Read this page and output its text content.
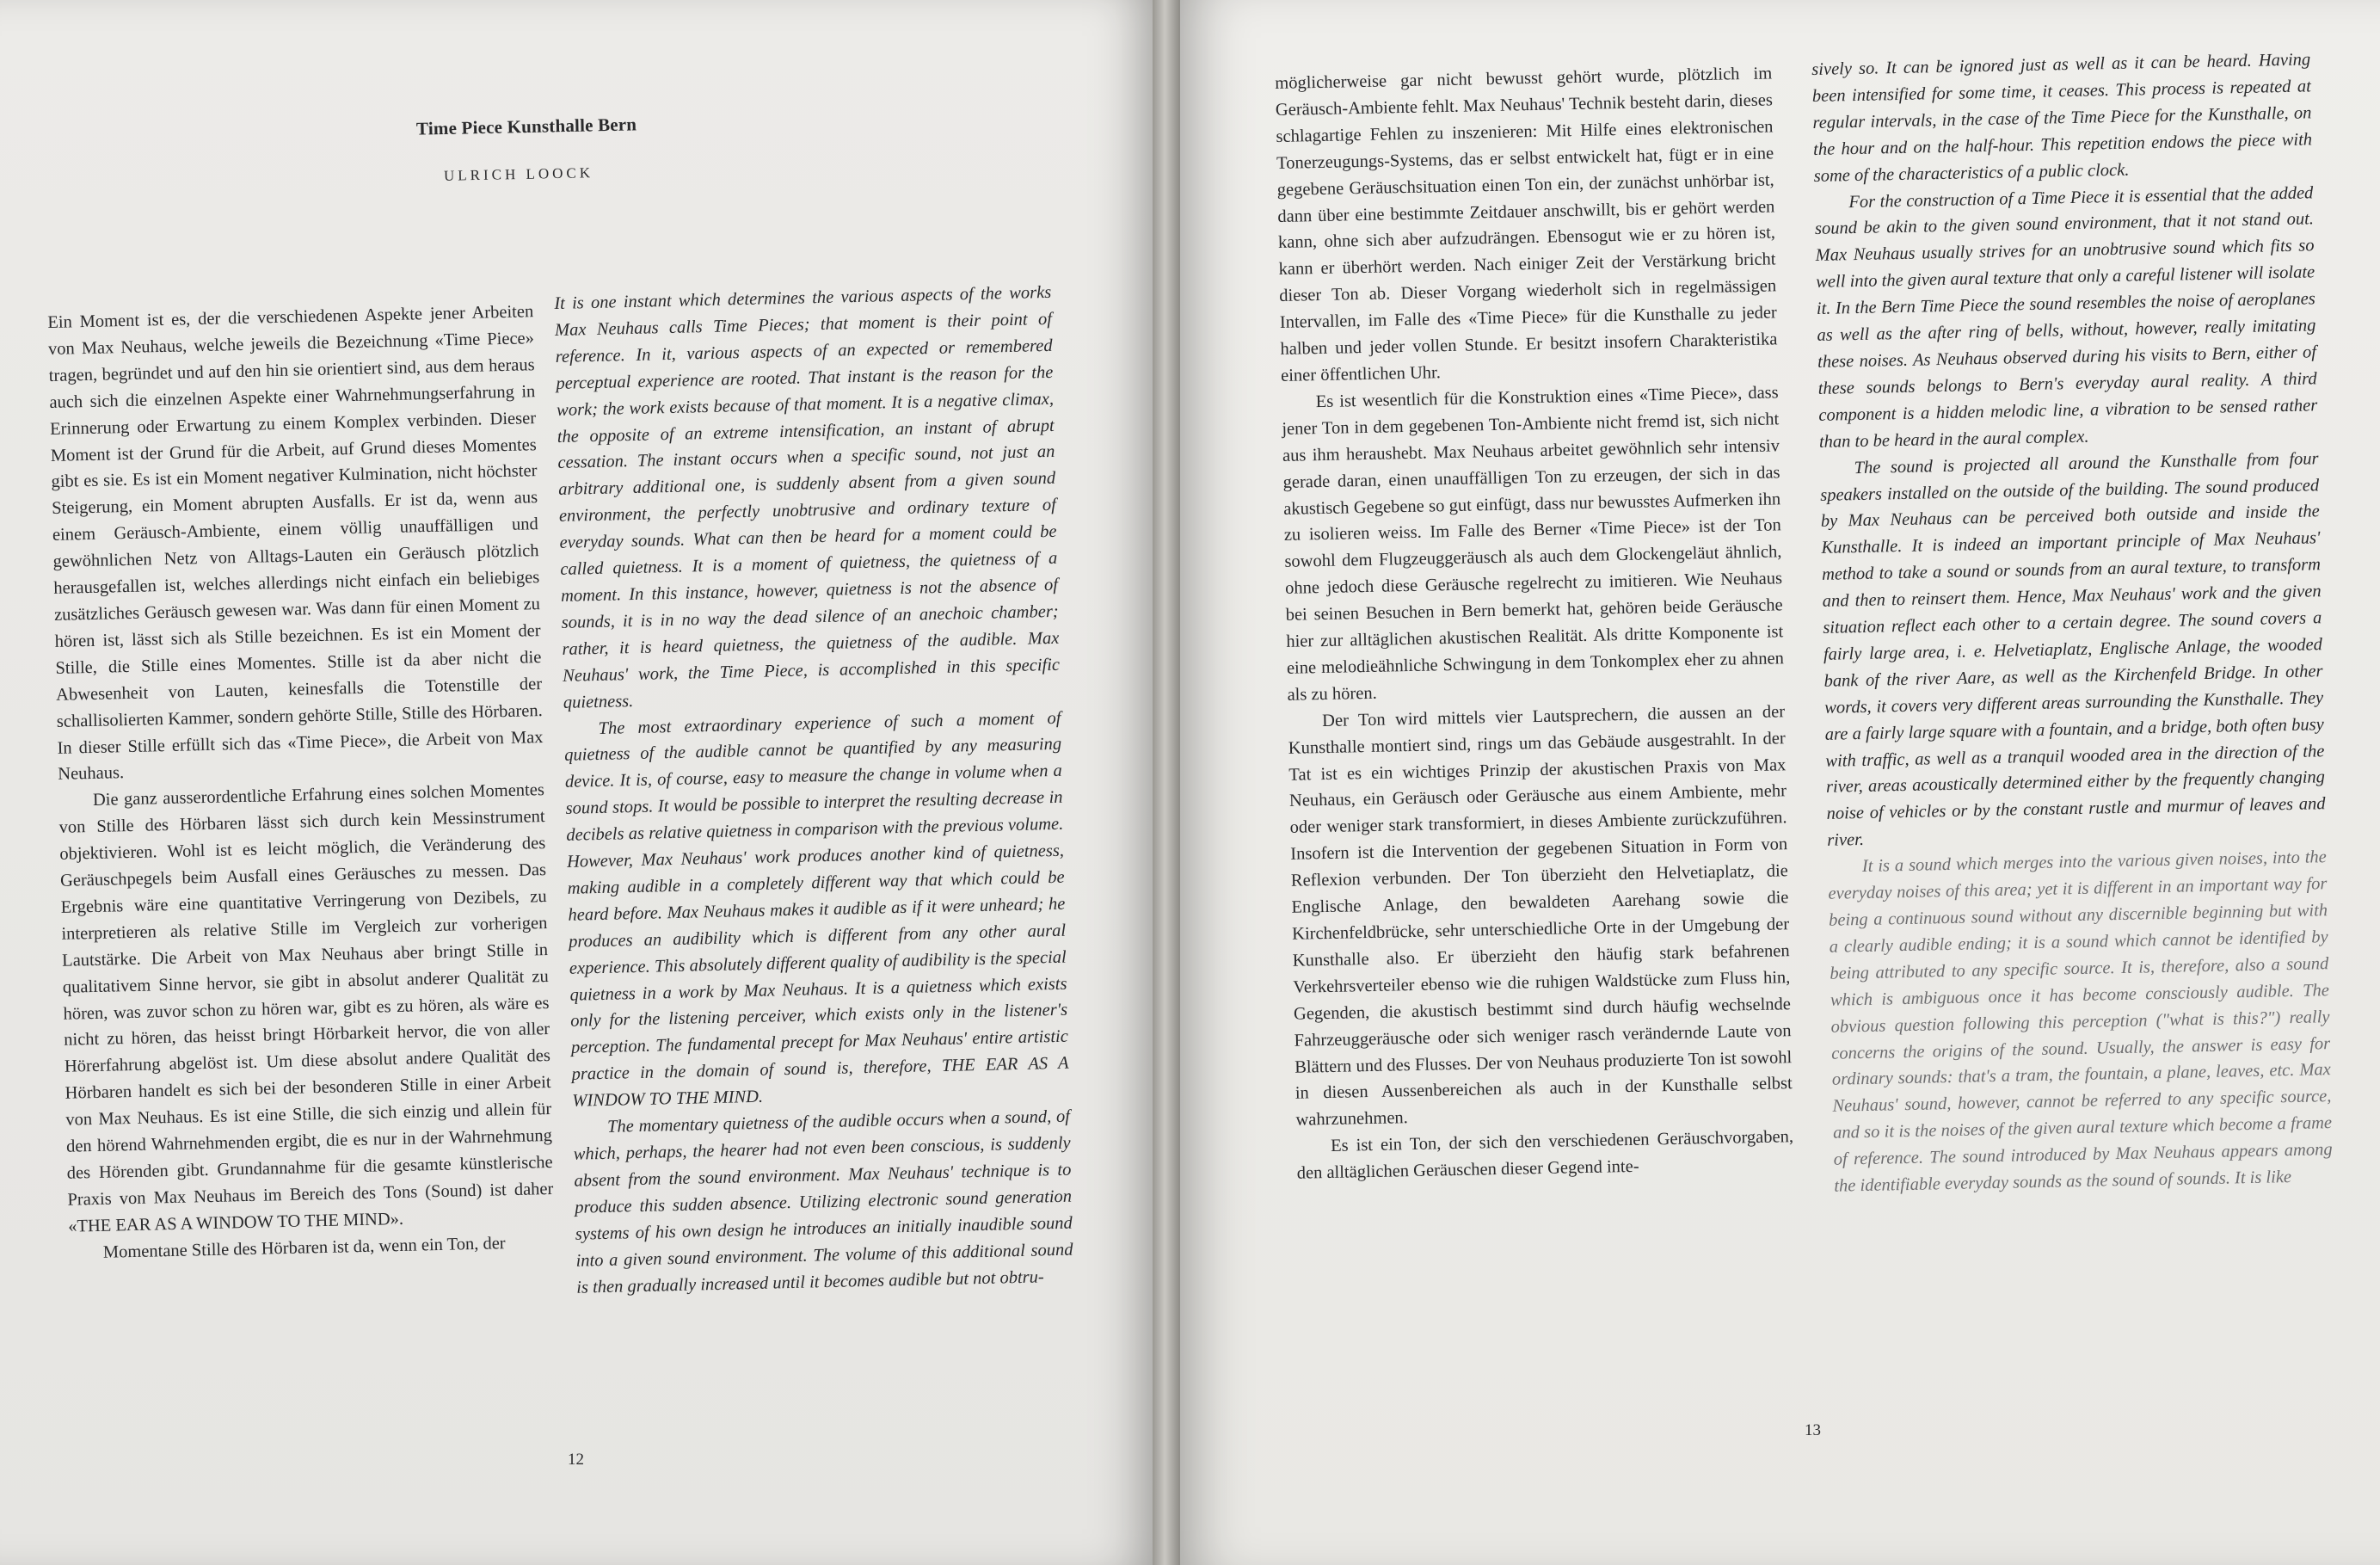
Time Piece Kunsthalle Bern
ULRICH LOOCK

Ein Moment ist es, der die verschiedenen Aspekte jener Arbeiten von Max Neuhaus, welche jeweils die Bezeichnung «Time Piece» tragen, begründet und auf den hin sie orientiert sind, aus dem heraus auch sich die einzelnen Aspekte einer Wahrnehmungserfahrung in Erinnerung oder Erwartung zu einem Komplex verbinden. Dieser Moment ist der Grund für die Arbeit, auf Grund dieses Momentes gibt es sie. Es ist ein Moment negativer Kulmination, nicht höchster Steigerung, ein Moment abrupten Ausfalls. Er ist da, wenn aus einem Geräusch-Ambiente, einem völlig unauffälligen und gewöhnlichen Netz von Alltags-Lauten ein Geräusch plötzlich herausgefallen ist, welches allerdings nicht einfach ein beliebiges zusätzliches Geräusch gewesen war. Was dann für einen Moment zu hören ist, lässt sich als Stille bezeichnen. Es ist ein Moment der Stille, die Stille eines Momentes. Stille ist da aber nicht die Abwesenheit von Lauten, keinesfalls die Totenstille der schallisolierten Kammer, sondern gehörte Stille, Stille des Hörbaren. In dieser Stille erfüllt sich das «Time Piece», die Arbeit von Max Neuhaus.

Die ganz ausserordentliche Erfahrung eines solchen Momentes von Stille des Hörbaren lässt sich durch kein Messinstrument objektivieren. Wohl ist es leicht möglich, die Veränderung des Geräuschpegels beim Ausfall eines Geräusches zu messen. Das Ergebnis wäre eine quantitative Verringerung von Dezibels, zu interpretieren als relative Stille im Vergleich zur vorherigen Lautstärke. Die Arbeit von Max Neuhaus aber bringt Stille in qualitativem Sinne hervor, sie gibt in absolut anderer Qualität zu hören, was zuvor schon zu hören war, gibt es zu hören, als wäre es nicht zu hören, das heisst bringt Hörbarkeit hervor, die von aller Hörerfahrung abgelöst ist. Um diese absolut andere Qualität des Hörbaren handelt es sich bei der besonderen Stille in einer Arbeit von Max Neuhaus. Es ist eine Stille, die sich einzig und allein für den hörend Wahrnehmenden ergibt, die es nur in der Wahrnehmung des Hörenden gibt. Grundannahme für die gesamte künstlerische Praxis von Max Neuhaus im Bereich des Tons (Sound) ist daher «THE EAR AS A WINDOW TO THE MIND».

Momentane Stille des Hörbaren ist da, wenn ein Ton, der

It is one instant which determines the various aspects of the works Max Neuhaus calls Time Pieces; that moment is their point of reference. In it, various aspects of an expected or remembered perceptual experience are rooted. That instant is the reason for the work; the work exists because of that moment. It is a negative climax, the opposite of an extreme intensification, an instant of abrupt cessation. The instant occurs when a specific sound, not just an arbitrary additional one, is suddenly absent from a given sound environment, the perfectly unobtrusive and ordinary texture of everyday sounds. What can then be heard for a moment could be called quietness. It is a moment of quietness, the quietness of a moment. In this instance, however, quietness is not the absence of sounds, it is in no way the dead silence of an anechoic chamber; rather, it is heard quietness, the quietness of the audible. Max Neuhaus' work, the Time Piece, is accomplished in this specific quietness.

The most extraordinary experience of such a moment of quietness of the audible cannot be quantified by any measuring device. It is, of course, easy to measure the change in volume when a sound stops. It would be possible to interpret the resulting decrease in decibels as relative quietness in comparison with the previous volume. However, Max Neuhaus' work produces another kind of quietness, making audible in a completely different way that which could be heard before. Max Neuhaus makes it audible as if it were unheard; he produces an audibility which is different from any other aural experience. This absolutely different quality of audibility is the special quietness in a work by Max Neuhaus. It is a quietness which exists only for the listening perceiver, which exists only in the listener's perception. The fundamental precept for Max Neuhaus' entire artistic practice in the domain of sound is, therefore, THE EAR AS A WINDOW TO THE MIND.

The momentary quietness of the audible occurs when a sound, of which, perhaps, the hearer had not even been conscious, is suddenly absent from the sound environment. Max Neuhaus' technique is to produce this sudden absence. Utilizing electronic sound generation systems of his own design he introduces an initially inaudible sound into a given sound environment. The volume of this additional sound is then gradually increased until it becomes audible but not obtru-

12

möglicherweise gar nicht bewusst gehört wurde, plötzlich im Geräusch-Ambiente fehlt. Max Neuhaus' Technik besteht darin, dieses schlagartige Fehlen zu inszenieren: Mit Hilfe eines elektronischen Tonerzeugungs-Systems, das er selbst entwickelt hat, fügt er in eine gegebene Geräuschsituation einen Ton ein, der zunächst unhörbar ist, dann über eine bestimmte Zeitdauer anschwillt, bis er gehört werden kann, ohne sich aber aufzudrängen. Ebensogut wie er zu hören ist, kann er überhört werden. Nach einiger Zeit der Verstärkung bricht dieser Ton ab. Dieser Vorgang wiederholt sich in regelmässigen Intervallen, im Falle des «Time Piece» für die Kunsthalle zu jeder halben und jeder vollen Stunde. Er besitzt insofern Charakteristika einer öffentlichen Uhr.

Es ist wesentlich für die Konstruktion eines «Time Piece», dass jener Ton in dem gegebenen Ton-Ambiente nicht fremd ist, sich nicht aus ihm heraushebt. Max Neuhaus arbeitet gewöhnlich sehr intensiv gerade daran, einen unauffälligen Ton zu erzeugen, der sich in das akustisch Gegebene so gut einfügt, dass nur bewusstes Aufmerken ihn zu isolieren weiss. Im Falle des Berner «Time Piece» ist der Ton sowohl dem Flugzeuggeräusch als auch dem Glockengeläut ähnlich, ohne jedoch diese Geräusche regelrecht zu imitieren. Wie Neuhaus bei seinen Besuchen in Bern bemerkt hat, gehören beide Geräusche hier zur alltäglichen akustischen Realität. Als dritte Komponente ist eine melodieähnliche Schwingung in dem Tonkomplex eher zu ahnen als zu hören.

Der Ton wird mittels vier Lautsprechern, die aussen an der Kunsthalle montiert sind, rings um das Gebäude ausgestrahlt. In der Tat ist es ein wichtiges Prinzip der akustischen Praxis von Max Neuhaus, ein Geräusch oder Geräusche aus einem Ambiente, mehr oder weniger stark transformiert, in dieses Ambiente zurückzuführen. Insofern ist die Intervention der gegebenen Situation in Form von Reflexion verbunden. Der Ton überzieht den Helvetiaplatz, die Englische Anlage, den bewaldeten Aarehang sowie die Kirchenfeldbrücke, sehr unterschiedliche Orte in der Umgebung der Kunsthalle also. Er überzieht den häufig stark befahrenen Verkehrsverteiler ebenso wie die ruhigen Waldstücke zum Fluss hin, Gegenden, die akustisch bestimmt sind durch häufig wechselnde Fahrzeuggeräusche oder sich weniger rasch verändernde Laute von Blättern und des Flusses. Der von Neuhaus produzierte Ton ist sowohl in diesen Aussenbereichen als auch in der Kunsthalle selbst wahrzunehmen.

Es ist ein Ton, der sich den verschiedenen Geräuschvorgaben, den alltäglichen Geräuschen dieser Gegend inte-

sively so. It can be ignored just as well as it can be heard. Having been intensified for some time, it ceases. This process is repeated at regular intervals, in the case of the Time Piece for the Kunsthalle, on the hour and on the half-hour. This repetition endows the piece with some of the characteristics of a public clock.

For the construction of a Time Piece it is essential that the added sound be akin to the given sound environment, that it not stand out. Max Neuhaus usually strives for an unobtrusive sound which fits so well into the given aural texture that only a careful listener will isolate it. In the Bern Time Piece the sound resembles the noise of aeroplanes as well as the after ring of bells, without, however, really imitating these noises. As Neuhaus observed during his visits to Bern, either of these sounds belongs to Bern's everyday aural reality. A third component is a hidden melodic line, a vibration to be sensed rather than to be heard in the aural complex.

The sound is projected all around the Kunsthalle from four speakers installed on the outside of the building. The sound produced by Max Neuhaus can be perceived both outside and inside the Kunsthalle. It is indeed an important principle of Max Neuhaus' method to take a sound or sounds from an aural texture, to transform and then to reinsert them. Hence, Max Neuhaus' work and the given situation reflect each other to a certain degree. The sound covers a fairly large area, i. e. Helvetiaplatz, Englische Anlage, the wooded bank of the river Aare, as well as the Kirchenfeld Bridge. In other words, it covers very different areas surrounding the Kunsthalle. They are a fairly large square with a fountain, and a bridge, both often busy with traffic, as well as a tranquil wooded area in the direction of the river, areas acoustically determined either by the frequently changing noise of vehicles or by the constant rustle and murmur of leaves and river.

It is a sound which merges into the various given noises, into the everyday noises of this area; yet it is different in an important way for being a continuous sound without any discernible beginning but with a clearly audible ending; it is a sound which cannot be identified by being attributed to any specific source. It is, therefore, also a sound which is ambiguous once it has become consciously audible. The obvious question following this perception ("what is this?") really concerns the origins of the sound. Usually, the answer is easy for ordinary sounds: that's a tram, the fountain, a plane, leaves, etc. Max Neuhaus' sound, however, cannot be referred to any specific source, and so it is the noises of the given aural texture which become a frame of reference. The sound introduced by Max Neuhaus appears among the identifiable everyday sounds as the sound of sounds. It is like

13
